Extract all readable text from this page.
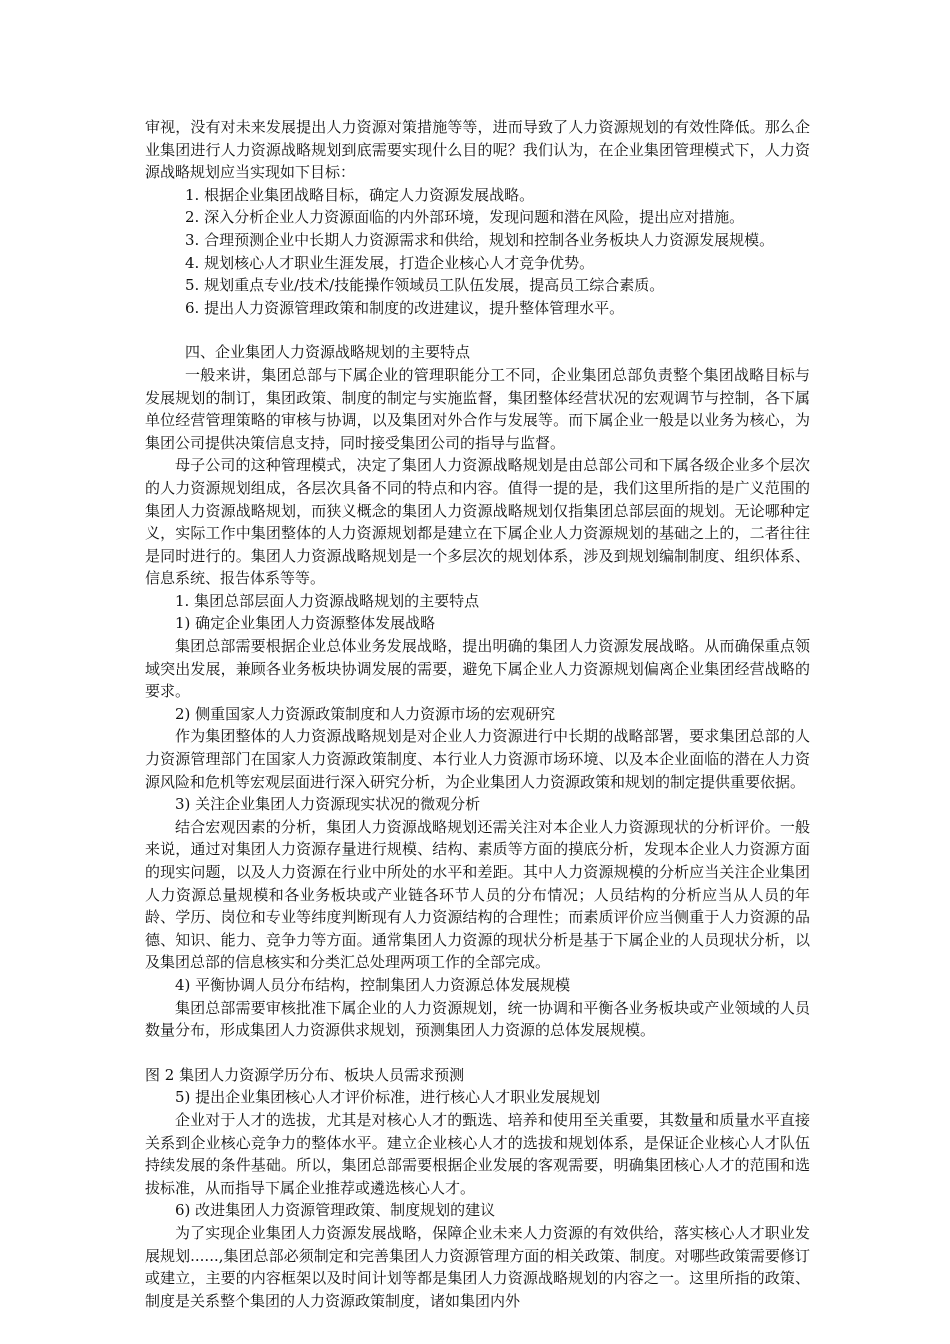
审视，没有对未来发展提出人力资源对策措施等等，进而导致了人力资源规划的有效性降低。那么企业集团进行人力资源战略规划到底需要实现什么目的呢？我们认为，在企业集团管理模式下，人力资源战略规划应当实现如下目标：

1. 根据企业集团战略目标，确定人力资源发展战略。

2. 深入分析企业人力资源面临的内外部环境，发现问题和潜在风险，提出应对措施。

3. 合理预测企业中长期人力资源需求和供给，规划和控制各业务板块人力资源发展规模。

4. 规划核心人才职业生涯发展，打造企业核心人才竞争优势。

5. 规划重点专业/技术/技能操作领域员工队伍发展，提高员工综合素质。

6. 提出人力资源管理政策和制度的改进建议，提升整体管理水平。

四、企业集团人力资源战略规划的主要特点

一般来讲，集团总部与下属企业的管理职能分工不同，企业集团总部负责整个集团战略目标与发展规划的制订，集团政策、制度的制定与实施监督，集团整体经营状况的宏观调节与控制，各下属单位经营管理策略的审核与协调，以及集团对外合作与发展等。而下属企业一般是以业务为核心，为集团公司提供决策信息支持，同时接受集团公司的指导与监督。

母子公司的这种管理模式，决定了集团人力资源战略规划是由总部公司和下属各级企业多个层次的人力资源规划组成，各层次具备不同的特点和内容。值得一提的是，我们这里所指的是广义范围的集团人力资源战略规划，而狭义概念的集团人力资源战略规划仅指集团总部层面的规划。无论哪种定义，实际工作中集团整体的人力资源规划都是建立在下属企业人力资源规划的基础之上的，二者往往是同时进行的。集团人力资源战略规划是一个多层次的规划体系，涉及到规划编制制度、组织体系、信息系统、报告体系等等。

1. 集团总部层面人力资源战略规划的主要特点

1) 确定企业集团人力资源整体发展战略

集团总部需要根据企业总体业务发展战略，提出明确的集团人力资源发展战略。从而确保重点领域突出发展，兼顾各业务板块协调发展的需要，避免下属企业人力资源规划偏离企业集团经营战略的要求。

2) 侧重国家人力资源政策制度和人力资源市场的宏观研究

作为集团整体的人力资源战略规划是对企业人力资源进行中长期的战略部署，要求集团总部的人力资源管理部门在国家人力资源政策制度、本行业人力资源市场环境、以及本企业面临的潜在人力资源风险和危机等宏观层面进行深入研究分析，为企业集团人力资源政策和规划的制定提供重要依据。

3) 关注企业集团人力资源现实状况的微观分析

结合宏观因素的分析，集团人力资源战略规划还需关注对本企业人力资源现状的分析评价。一般来说，通过对集团人力资源存量进行规模、结构、素质等方面的摸底分析，发现本企业人力资源方面的现实问题，以及人力资源在行业中所处的水平和差距。其中人力资源规模的分析应当关注企业集团人力资源总量规模和各业务板块或产业链各环节人员的分布情况；人员结构的分析应当从人员的年龄、学历、岗位和专业等纬度判断现有人力资源结构的合理性；而素质评价应当侧重于人力资源的品德、知识、能力、竞争力等方面。通常集团人力资源的现状分析是基于下属企业的人员现状分析，以及集团总部的信息核实和分类汇总处理两项工作的全部完成。

4) 平衡协调人员分布结构，控制集团人力资源总体发展规模

集团总部需要审核批准下属企业的人力资源规划，统一协调和平衡各业务板块或产业领域的人员数量分布，形成集团人力资源供求规划，预测集团人力资源的总体发展规模。

图 2 集团人力资源学历分布、板块人员需求预测

5) 提出企业集团核心人才评价标准，进行核心人才职业发展规划

企业对于人才的选拔，尤其是对核心人才的甄选、培养和使用至关重要，其数量和质量水平直接关系到企业核心竞争力的整体水平。建立企业核心人才的选拔和规划体系，是保证企业核心人才队伍持续发展的条件基础。所以，集团总部需要根据企业发展的客观需要，明确集团核心人才的范围和选拔标准，从而指导下属企业推荐或遴选核心人才。

6) 改进集团人力资源管理政策、制度规划的建议

为了实现企业集团人力资源发展战略，保障企业未来人力资源的有效供给，落实核心人才职业发展规划......,集团总部必须制定和完善集团人力资源管理方面的相关政策、制度。对哪些政策需要修订或建立，主要的内容框架以及时间计划等都是集团人力资源战略规划的内容之一。这里所指的政策、制度是关系整个集团的人力资源政策制度，诸如集团内外
